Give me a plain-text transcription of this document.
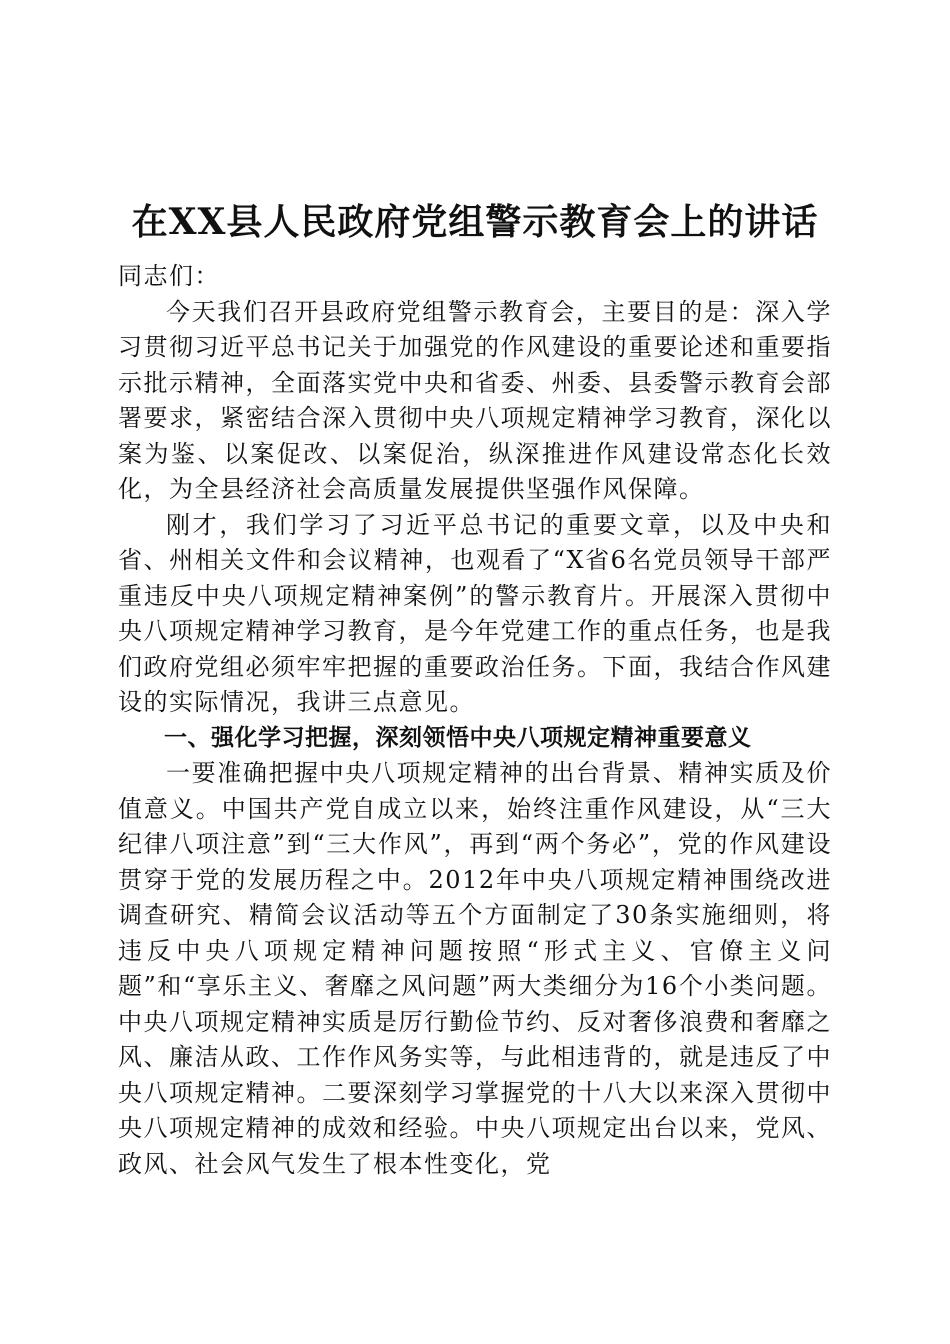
在XX县人民政府党组警示教育会上的讲话

同志们：

今天我们召开县政府党组警示教育会，主要目的是：深入学习贯彻习近平总书记关于加强党的作风建设的重要论述和重要指示批示精神，全面落实党中央和省委、州委、县委警示教育会部署要求，紧密结合深入贯彻中央八项规定精神学习教育，深化以案为鉴、以案促改、以案促治，纵深推进作风建设常态化长效化，为全县经济社会高质量发展提供坚强作风保障。

刚才，我们学习了习近平总书记的重要文章，以及中央和省、州相关文件和会议精神，也观看了“X省6名党员领导干部严重违反中央八项规定精神案例”的警示教育片。开展深入贯彻中央八项规定精神学习教育，是今年党建工作的重点任务，也是我们政府党组必须牢牢把握的重要政治任务。下面，我结合作风建设的实际情况，我讲三点意见。

一、强化学习把握，深刻领悟中央八项规定精神重要意义

一要准确把握中央八项规定精神的出台背景、精神实质及价值意义。中国共产党自成立以来，始终注重作风建设，从“三大纪律八项注意”到“三大作风”，再到“两个务必”，党的作风建设贯穿于党的发展历程之中。2012年中央八项规定精神围绕改进调查研究、精简会议活动等五个方面制定了30条实施细则，将违反中央八项规定精神问题按照“形式主义、官僚主义问题”和“享乐主义、奢靡之风问题”两大类细分为16个小类问题。中央八项规定精神实质是厉行勤俭节约、反对奢侈浪费和奢靡之风、廉洁从政、工作作风务实等，与此相违背的，就是违反了中央八项规定精神。二要深刻学习掌握党的十八大以来深入贯彻中央八项规定精神的成效和经验。中央八项规定出台以来，党风、政风、社会风气发生了根本性变化，党
